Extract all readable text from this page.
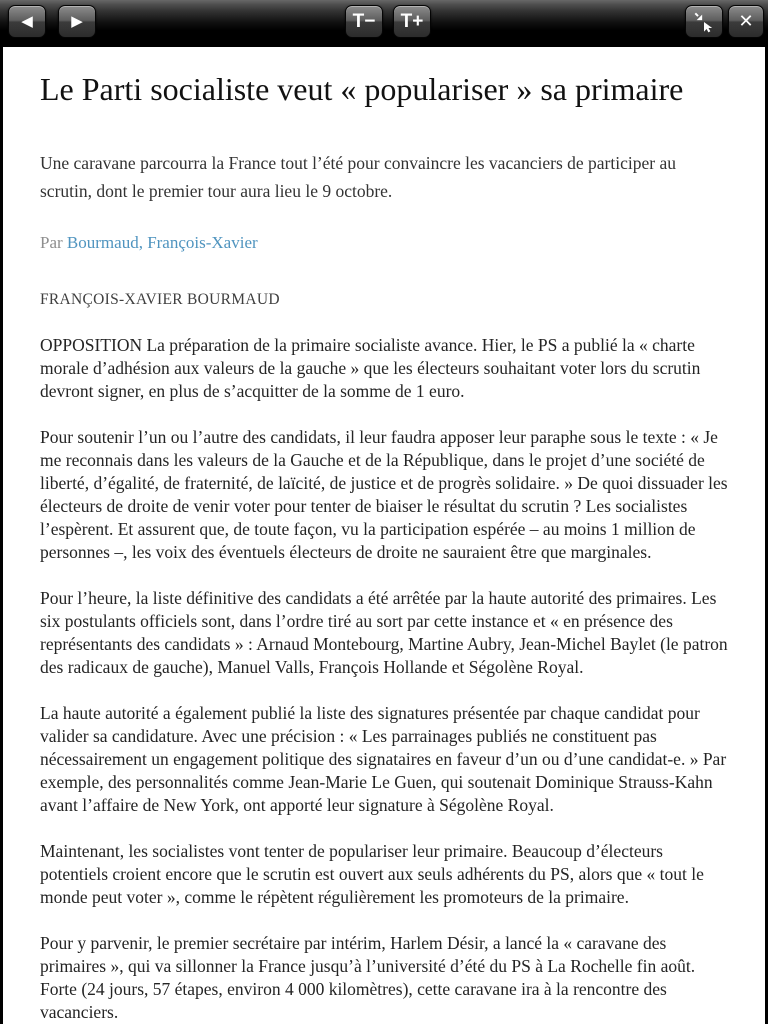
◀	▶	T− T+	✕
Le Parti socialiste veut « populariser » sa primaire

Une caravane parcourra la France tout l’été pour convaincre les vacanciers de participer au scrutin, dont le premier tour aura lieu le 9 octobre.

Par Bourmaud, François-Xavier

FRANÇOIS-XAVIER BOURMAUD

OPPOSITION La préparation de la primaire socialiste avance. Hier, le PS a publié la « charte morale d’adhésion aux valeurs de la gauche » que les électeurs souhaitant voter lors du scrutin devront signer, en plus de s’acquitter de la somme de 1 euro.

Pour soutenir l’un ou l’autre des candidats, il leur faudra apposer leur paraphe sous le texte : « Je me reconnais dans les valeurs de la Gauche et de la République, dans le projet d’une société de liberté, d’égalité, de fraternité, de laïcité, de justice et de progrès solidaire. » De quoi dissuader les électeurs de droite de venir voter pour tenter de biaiser le résultat du scrutin ? Les socialistes l’espèrent. Et assurent que, de toute façon, vu la participation espérée – au moins 1 million de personnes –, les voix des éventuels électeurs de droite ne sauraient être que marginales.

Pour l’heure, la liste définitive des candidats a été arrêtée par la haute autorité des primaires. Les six postulants officiels sont, dans l’ordre tiré au sort par cette instance et « en présence des représentants des candidats » : Arnaud Montebourg, Martine Aubry, Jean-Michel Baylet (le patron des radicaux de gauche), Manuel Valls, François Hollande et Ségolène Royal.

La haute autorité a également publié la liste des signatures présentée par chaque candidat pour valider sa candidature. Avec une précision : « Les parrainages publiés ne constituent pas nécessairement un engagement politique des signataires en faveur d’un ou d’une candidat-e. » Par exemple, des personnalités comme Jean-Marie Le Guen, qui soutenait Dominique Strauss-Kahn avant l’affaire de New York, ont apporté leur signature à Ségolène Royal.

Maintenant, les socialistes vont tenter de populariser leur primaire. Beaucoup d’électeurs potentiels croient encore que le scrutin est ouvert aux seuls adhérents du PS, alors que « tout le monde peut voter », comme le répètent régulièrement les promoteurs de la primaire.

Pour y parvenir, le premier secrétaire par intérim, Harlem Désir, a lancé la « caravane des primaires », qui va sillonner la France jusqu’à l’université d’été du PS à La Rochelle fin août. Forte (24 jours, 57 étapes, environ 4 000 kilomètres), cette caravane ira à la rencontre des vacanciers.
